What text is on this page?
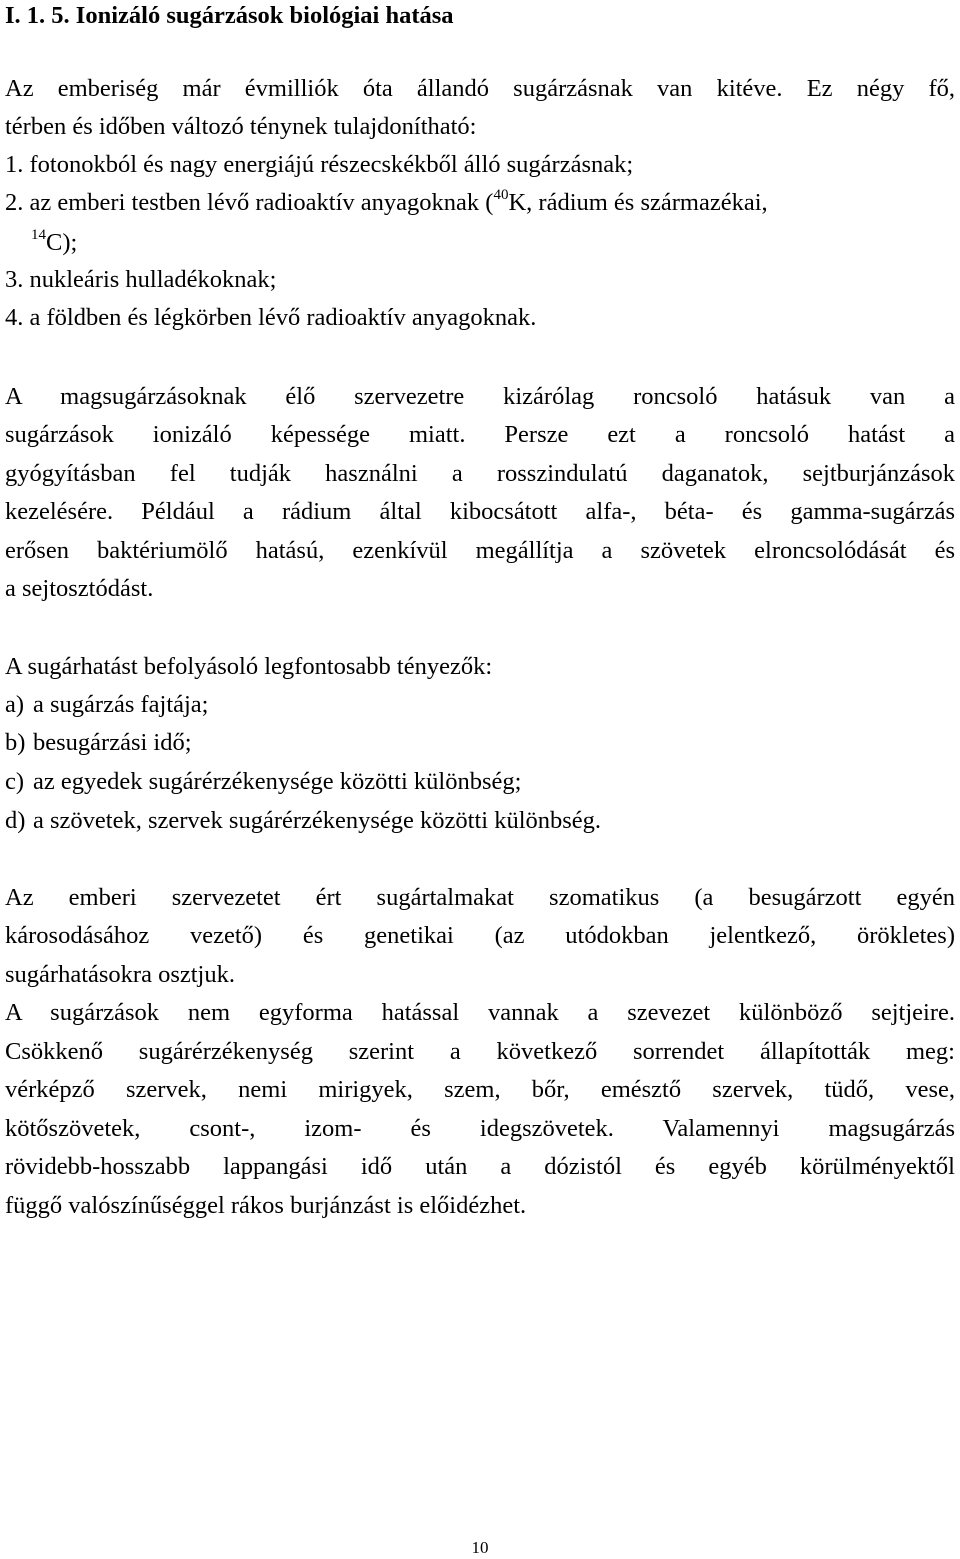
I. 1. 5. Ionizáló sugárzások biológiai hatása
Az emberiség már évmilliók óta állandó sugárzásnak van kitéve. Ez négy fő,
térben és időben változó ténynek tulajdonítható:
1. fotonokból és nagy energiájú részecskékből álló sugárzásnak;
2. az emberi testben lévő radioaktív anyagoknak ($^{40}$K, rádium és származékai,
$^{14}$C);
3. nukleáris hulladékoknak;
4. a földben és légkörben lévő radioaktív anyagoknak.
A magsugárzásoknak élő szervezetre kizárólag roncsoló hatásuk van a
sugárzások ionizáló képessége miatt. Persze ezt a roncsoló hatást a
gyógyításban fel tudják használni a rosszindulatú daganatok, sejtburjánzások
kezelésére. Például a rádium által kibocsátott alfa-, béta- és gamma-sugárzás
erősen baktériumölő hatású, ezenkívül megállítja a szövetek elroncsolódását és
a sejtosztódást.
A sugárhatást befolyásoló legfontosabb tényezők:
a) a sugárzás fajtája;
b) besugárzási idő;
c) az egyedek sugárérzékenysége közötti különbség;
d) a szövetek, szervek sugárérzékenysége közötti különbség.
Az emberi szervezetet ért sugártalmakat szomatikus (a besugárzott egyén
károsodásához vezető) és genetikai (az utódokban jelentkező, örökletes)
sugárhatásokra osztjuk.
A sugárzások nem egyforma hatással vannak a szevezet különböző sejtjeire.
Csökkenő sugárérzékenység szerint a következő sorrendet állapították meg:
vérképző szervek, nemi mirigyek, szem, bőr, emésztő szervek, tüdő, vese,
kötőszövetek, csont-, izom- és idegszövetek. Valamennyi magsugárzás
rövidebb-hosszabb lappangási idő után a dózistól és egyéb körülményektől
függő valószínűséggel rákos burjánzást is előidézhet.
10
